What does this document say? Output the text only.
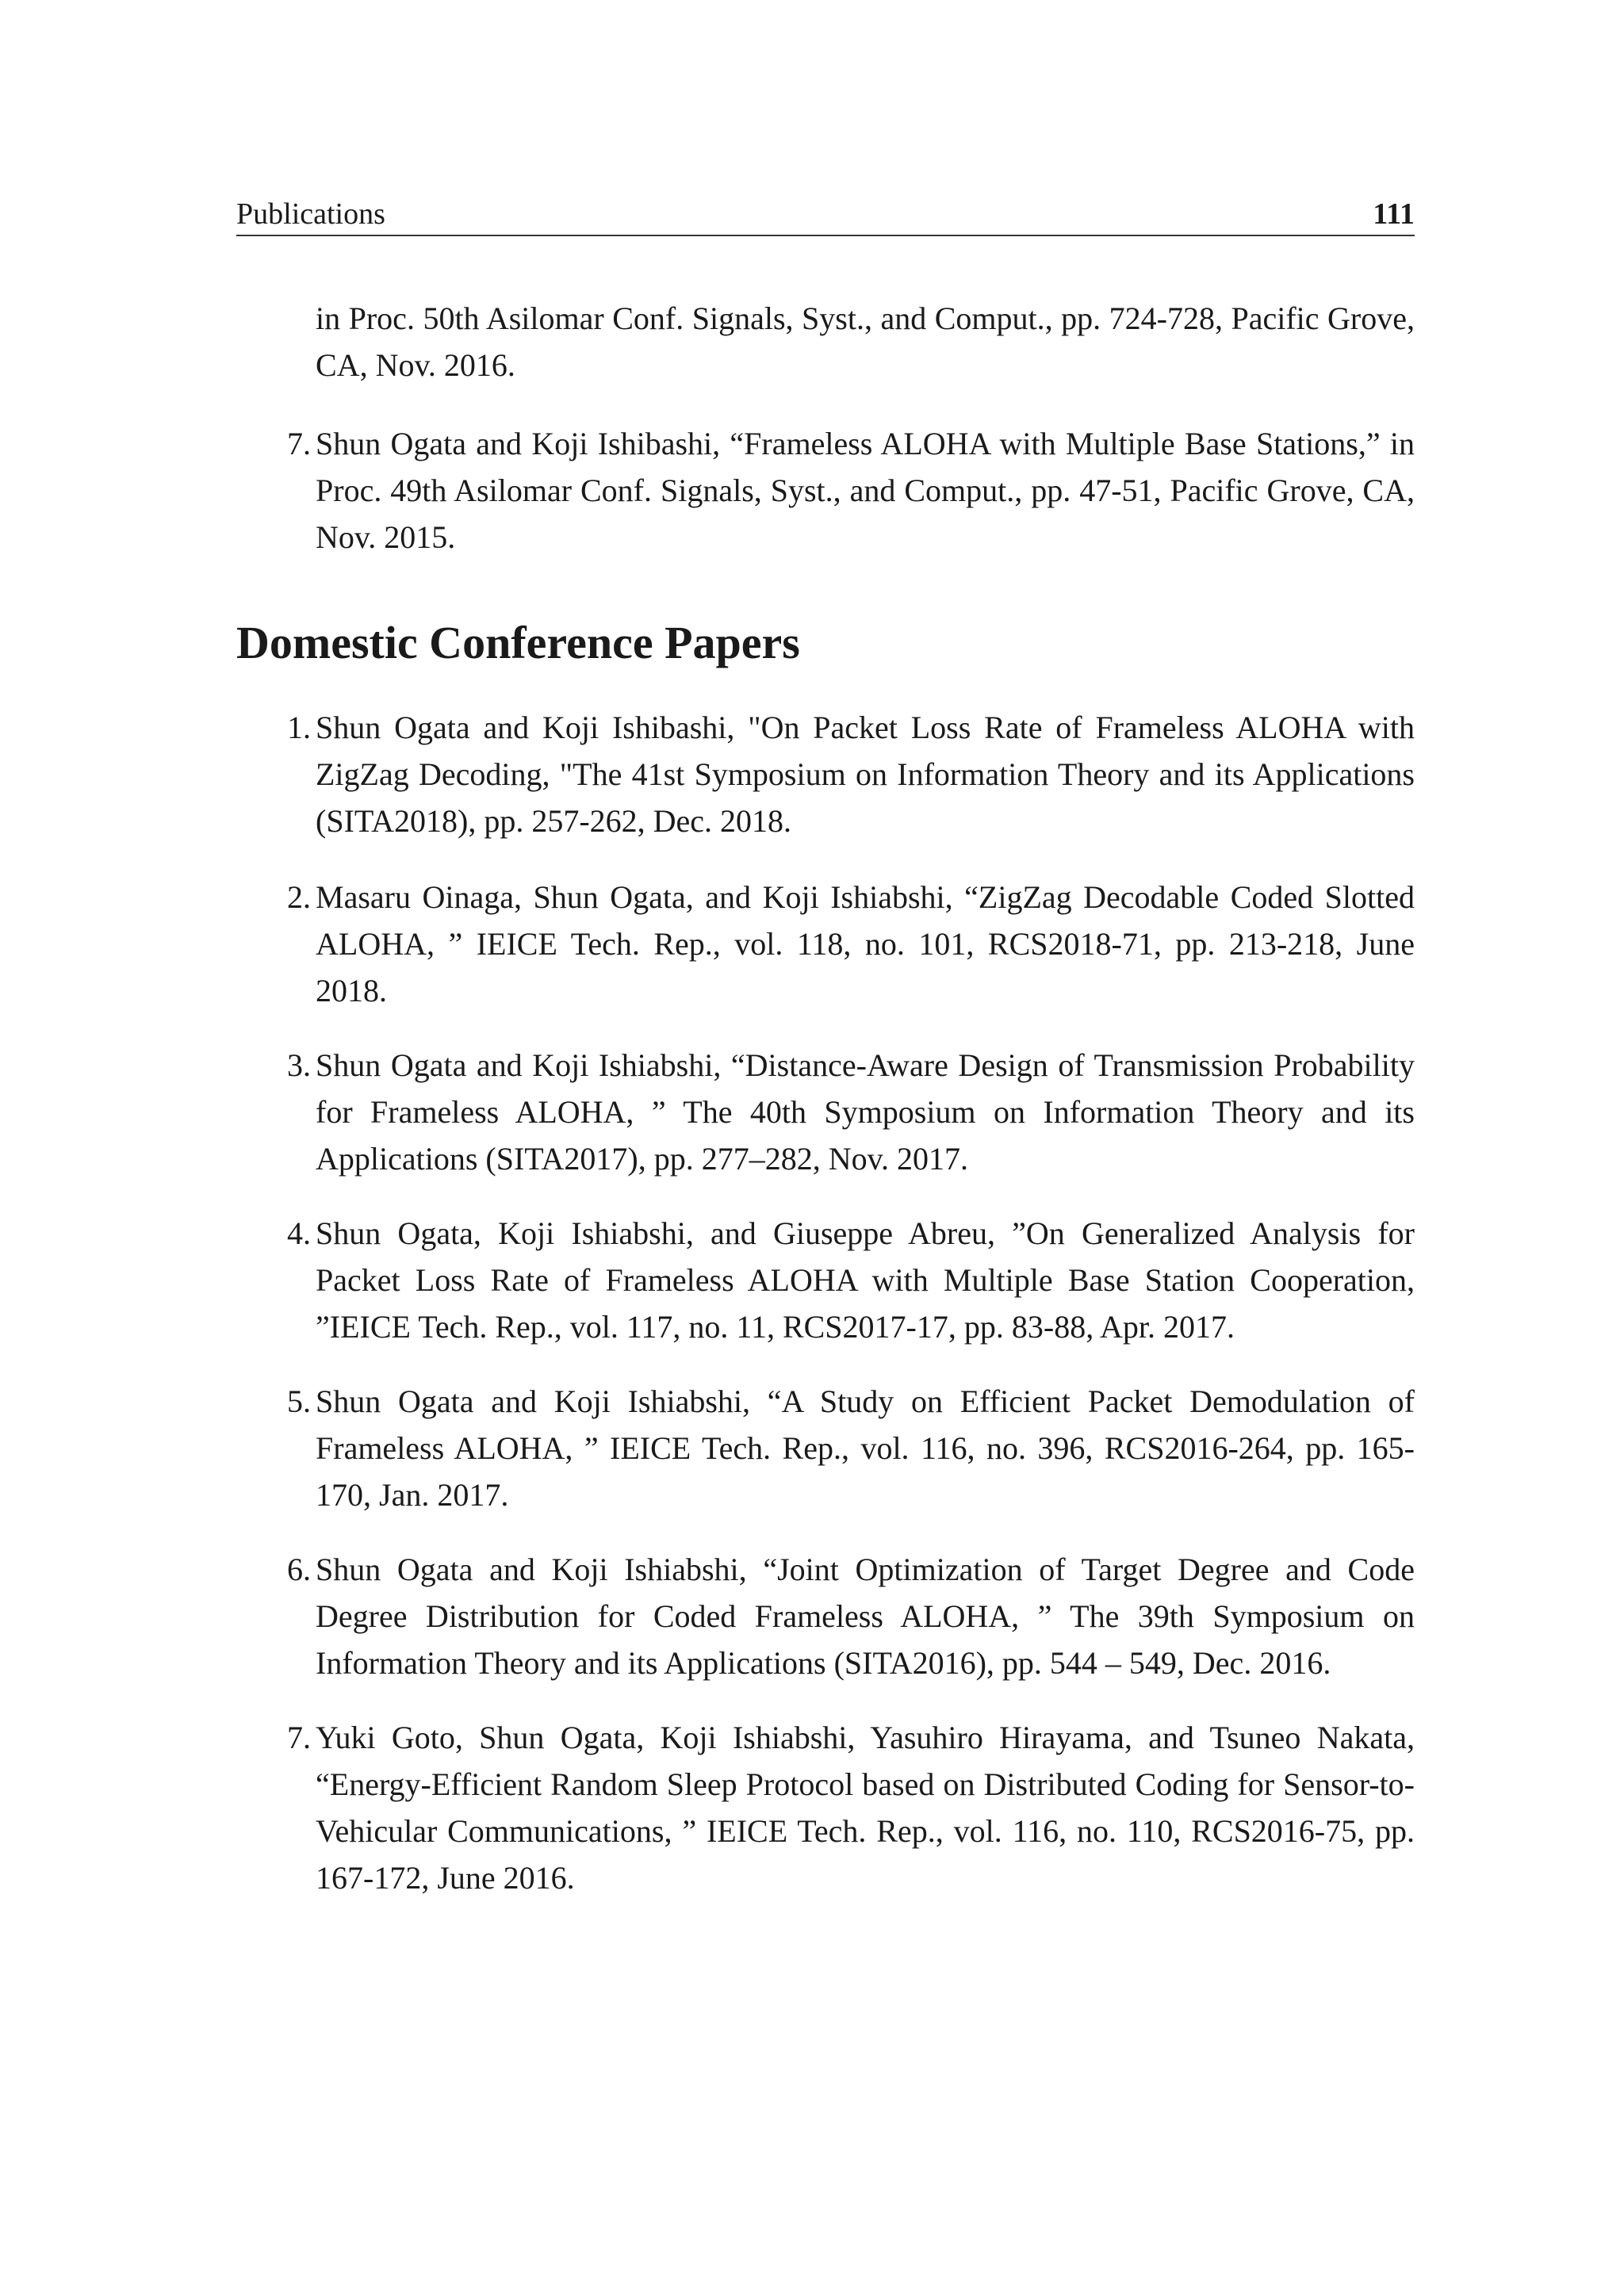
Publications	111
in Proc. 50th Asilomar Conf. Signals, Syst., and Comput., pp. 724-728, Pacific Grove, CA, Nov. 2016.
7. Shun Ogata and Koji Ishibashi, “Frameless ALOHA with Multiple Base Stations,” in Proc. 49th Asilomar Conf. Signals, Syst., and Comput., pp. 47-51, Pacific Grove, CA, Nov. 2015.
Domestic Conference Papers
1. Shun Ogata and Koji Ishibashi, "On Packet Loss Rate of Frameless ALOHA with ZigZag Decoding, "The 41st Symposium on Information Theory and its Applications (SITA2018), pp. 257-262, Dec. 2018.
2. Masaru Oinaga, Shun Ogata, and Koji Ishiabshi, “ZigZag Decodable Coded Slotted ALOHA, ” IEICE Tech. Rep., vol. 118, no. 101, RCS2018-71, pp. 213-218, June 2018.
3. Shun Ogata and Koji Ishiabshi, “Distance-Aware Design of Transmission Probability for Frameless ALOHA, ” The 40th Symposium on Information Theory and its Applications (SITA2017), pp. 277–282, Nov. 2017.
4. Shun Ogata, Koji Ishiabshi, and Giuseppe Abreu, ”On Generalized Analysis for Packet Loss Rate of Frameless ALOHA with Multiple Base Station Cooperation, ”IEICE Tech. Rep., vol. 117, no. 11, RCS2017-17, pp. 83-88, Apr. 2017.
5. Shun Ogata and Koji Ishiabshi, “A Study on Efficient Packet Demodulation of Frameless ALOHA, ” IEICE Tech. Rep., vol. 116, no. 396, RCS2016-264, pp. 165-170, Jan. 2017.
6. Shun Ogata and Koji Ishiabshi, “Joint Optimization of Target Degree and Code Degree Distribution for Coded Frameless ALOHA, ” The 39th Symposium on Information Theory and its Applications (SITA2016), pp. 544 – 549, Dec. 2016.
7. Yuki Goto, Shun Ogata, Koji Ishiabshi, Yasuhiro Hirayama, and Tsuneo Nakata, “Energy-Efficient Random Sleep Protocol based on Distributed Coding for Sensor-to-Vehicular Communications, ” IEICE Tech. Rep., vol. 116, no. 110, RCS2016-75, pp. 167-172, June 2016.
